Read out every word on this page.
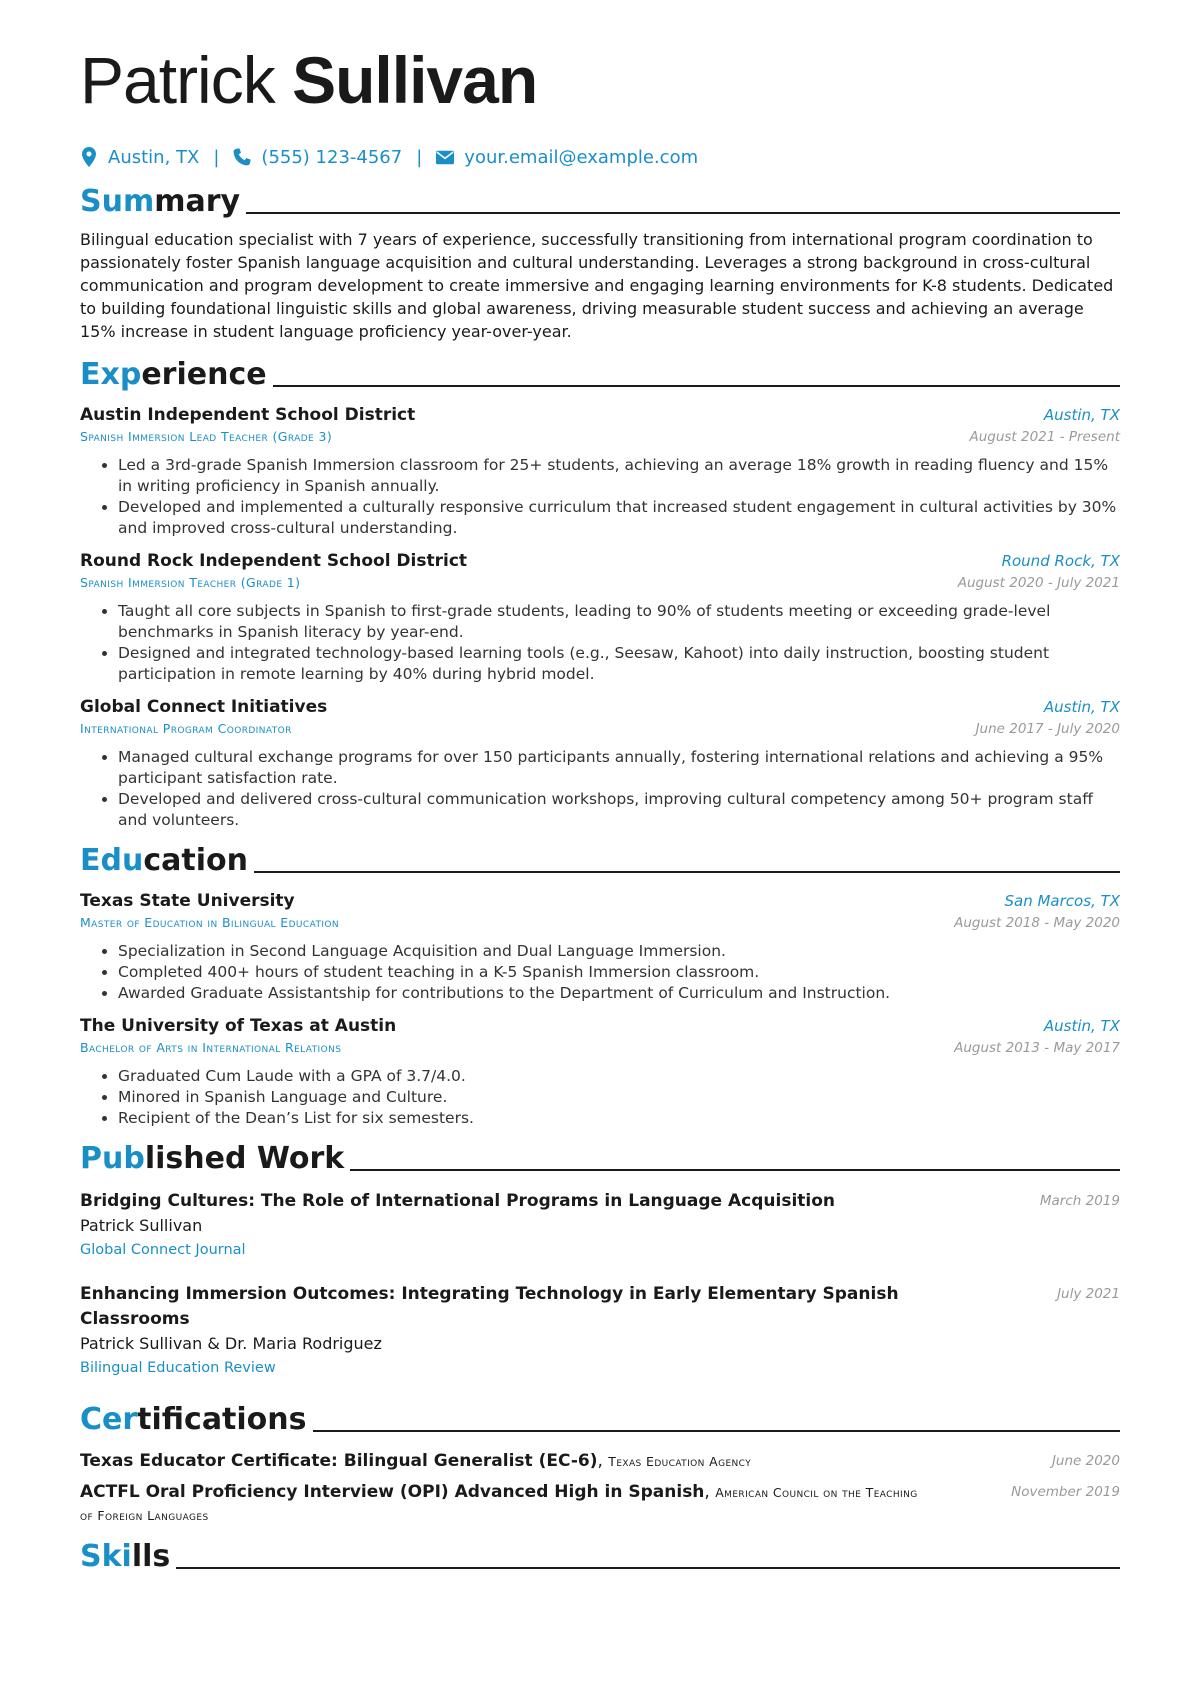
Patrick Sullivan
Austin, TX | (555) 123-4567 | your.email@example.com
Summary
Bilingual education specialist with 7 years of experience, successfully transitioning from international program coordination to passionately foster Spanish language acquisition and cultural understanding. Leverages a strong background in cross-cultural communication and program development to create immersive and engaging learning environments for K-8 students. Dedicated to building foundational linguistic skills and global awareness, driving measurable student success and achieving an average 15% increase in student language proficiency year-over-year.
Experience
Austin Independent School District	Austin, TX
Spanish Immersion Lead Teacher (Grade 3)	August 2021 - Present
• Led a 3rd-grade Spanish Immersion classroom for 25+ students, achieving an average 18% growth in reading fluency and 15% in writing proficiency in Spanish annually.
• Developed and implemented a culturally responsive curriculum that increased student engagement in cultural activities by 30% and improved cross-cultural understanding.
Round Rock Independent School District	Round Rock, TX
Spanish Immersion Teacher (Grade 1)	August 2020 - July 2021
• Taught all core subjects in Spanish to first-grade students, leading to 90% of students meeting or exceeding grade-level benchmarks in Spanish literacy by year-end.
• Designed and integrated technology-based learning tools (e.g., Seesaw, Kahoot) into daily instruction, boosting student participation in remote learning by 40% during hybrid model.
Global Connect Initiatives	Austin, TX
International Program Coordinator	June 2017 - July 2020
• Managed cultural exchange programs for over 150 participants annually, fostering international relations and achieving a 95% participant satisfaction rate.
• Developed and delivered cross-cultural communication workshops, improving cultural competency among 50+ program staff and volunteers.
Education
Texas State University	San Marcos, TX
Master of Education in Bilingual Education	August 2018 - May 2020
• Specialization in Second Language Acquisition and Dual Language Immersion.
• Completed 400+ hours of student teaching in a K-5 Spanish Immersion classroom.
• Awarded Graduate Assistantship for contributions to the Department of Curriculum and Instruction.
The University of Texas at Austin	Austin, TX
Bachelor of Arts in International Relations	August 2013 - May 2017
• Graduated Cum Laude with a GPA of 3.7/4.0.
• Minored in Spanish Language and Culture.
• Recipient of the Dean’s List for six semesters.
Published Work
Bridging Cultures: The Role of International Programs in Language Acquisition	March 2019
Patrick Sullivan
Global Connect Journal
Enhancing Immersion Outcomes: Integrating Technology in Early Elementary Spanish Classrooms
July 2021
Patrick Sullivan & Dr. Maria Rodriguez
Bilingual Education Review
Certifications
Texas Educator Certificate: Bilingual Generalist (EC-6), Texas Education Agency	June 2020
ACTFL Oral Proficiency Interview (OPI) Advanced High in Spanish, American Council on the Teaching of Foreign Languages
November 2019
Skills
